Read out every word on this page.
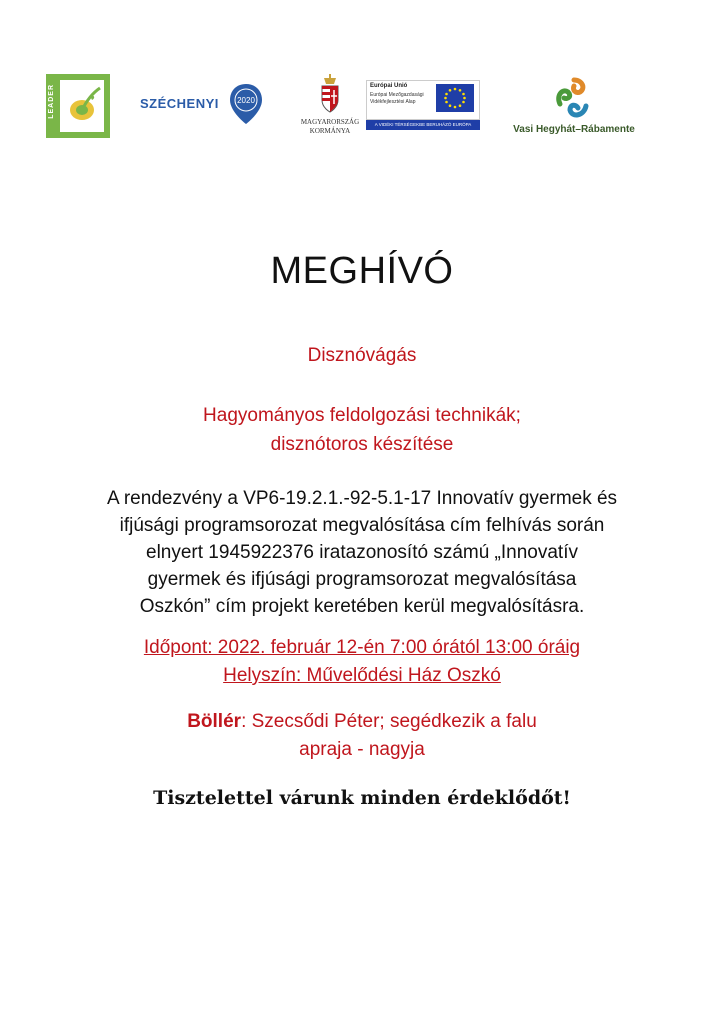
LEADER	SZÉCHENYI 2020
MAGYARORSZÁG
KORMÁNYA
Európai Unió
Európai Mezőgazdasági
Vidékfejlesztési Alap
A VIDÉKI TÉRSÉGEKBE BERUHÁZÓ EURÓPA	Vasi Hegyhát–Rábamente
MEGHÍVÓ
Disznóvágás
Hagyományos feldolgozási technikák;
disznótoros készítése
A rendezvény a VP6-19.2.1.-92-5.1-17 Innovatív gyermek és
ifjúsági programsorozat megvalósítása cím felhívás során
elnyert 1945922376 iratazonosító számú „Innovatív
gyermek és ifjúsági programsorozat megvalósítása
Oszkón” cím projekt keretében kerül megvalósításra.
Időpont: 2022. február 12-én 7:00 órától 13:00 óráig
Helyszín: Művelődési Ház Oszkó
Böllér: Szecsődi Péter; segédkezik a falu
apraja - nagyja
Tisztelettel várunk minden érdeklődőt!
